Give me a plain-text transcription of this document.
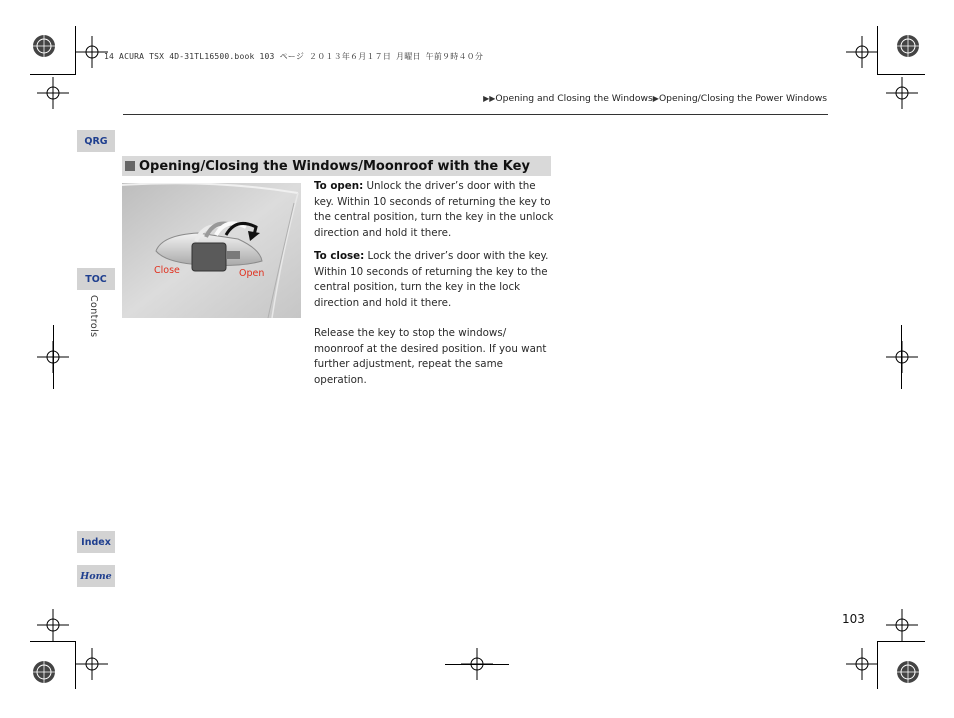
14 ACURA TSX 4D-31TL16500.book 103 ページ ２０１３年６月１７日 月曜日 午前９時４０分
▶▶Opening and Closing the Windows▶Opening/Closing the Power Windows
QRG
TOC
Controls
Index
Home
Opening/Closing the Windows/Moonroof with the Key
Close	Open
To open: Unlock the driver’s door with the key. Within 10 seconds of returning the key to the central position, turn the key in the unlock direction and hold it there.
To close: Lock the driver’s door with the key. Within 10 seconds of returning the key to the central position, turn the key in the lock direction and hold it there.
Release the key to stop the windows/ moonroof at the desired position. If you want further adjustment, repeat the same operation.
103
